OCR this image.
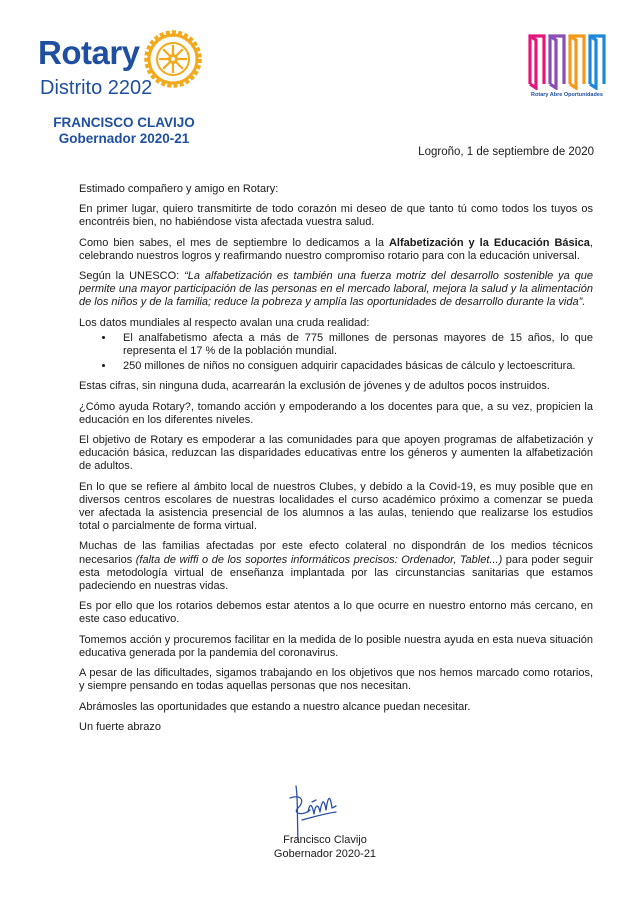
Rotary ROTARY INTERNATIONAL
Distrito 2202	Rotary Abre Oportunidades
FRANCISCO CLAVIJO
Gobernador 2020-21
Logroño, 1 de septiembre de 2020

Estimado compañero y amigo en Rotary:

En primer lugar, quiero transmitirte de todo corazón mi deseo de que tanto tú como todos los tuyos os encontréis bien, no habiéndose vista afectada vuestra salud.

Como bien sabes, el mes de septiembre lo dedicamos a la Alfabetización y la Educación Básica, celebrando nuestros logros y reafirmando nuestro compromiso rotario para con la educación universal.

Según la UNESCO: “La alfabetización es también una fuerza motriz del desarrollo sostenible ya que permite una mayor participación de las personas en el mercado laboral, mejora la salud y la alimentación de los niños y de la familia; reduce la pobreza y amplía las oportunidades de desarrollo durante la vida”.

Los datos mundiales al respecto avalan una cruda realidad:

• El analfabetismo afecta a más de 775 millones de personas mayores de 15 años, lo que representa el 17 % de la población mundial.
• 250 millones de niños no consiguen adquirir capacidades básicas de cálculo y lectoescritura.

Estas cifras, sin ninguna duda, acarrearán la exclusión de jóvenes y de adultos pocos instruidos.

¿Cómo ayuda Rotary?, tomando acción y empoderando a los docentes para que, a su vez, propicien la educación en los diferentes niveles.

El objetivo de Rotary es empoderar a las comunidades para que apoyen programas de alfabetización y educación básica, reduzcan las disparidades educativas entre los géneros y aumenten la alfabetización de adultos.

En lo que se refiere al ámbito local de nuestros Clubes, y debido a la Covid-19, es muy posible que en diversos centros escolares de nuestras localidades el curso académico próximo a comenzar se pueda ver afectada la asistencia presencial de los alumnos a las aulas, teniendo que realizarse los estudios total o parcialmente de forma virtual.

Muchas de las familias afectadas por este efecto colateral no dispondrán de los medios técnicos necesarios (falta de wiffi o de los soportes informáticos precisos: Ordenador, Tablet...) para poder seguir esta metodología virtual de enseñanza implantada por las circunstancias sanitarias que estamos padeciendo en nuestras vidas.

Es por ello que los rotarios debemos estar atentos a lo que ocurre en nuestro entorno más cercano, en este caso educativo.

Tomemos acción y procuremos facilitar en la medida de lo posible nuestra ayuda en esta nueva situación educativa generada por la pandemia del coronavirus.

A pesar de las dificultades, sigamos trabajando en los objetivos que nos hemos marcado como rotarios, y siempre pensando en todas aquellas personas que nos necesitan.

Abrámosles las oportunidades que estando a nuestro alcance puedan necesitar.

Un fuerte abrazo

Francisco Clavijo
Gobernador 2020-21
